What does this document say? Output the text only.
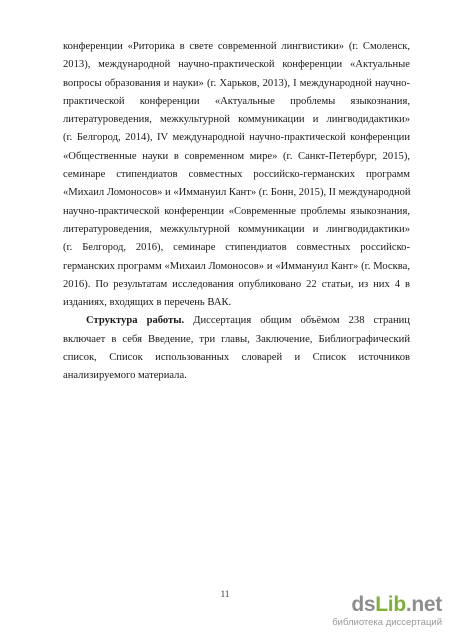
конференции «Риторика в свете современной лингвистики» (г. Смоленск,
2013), международной научно-практической конференции «Актуальные
вопросы образования и науки» (г. Харьков, 2013), I международной научно-
практической конференции «Актуальные проблемы языкознания,
литературоведения, межкультурной коммуникации и лингводидактики»
(г. Белгород, 2014), IV международной научно-практической конференции
«Общественные науки в современном мире» (г. Санкт-Петербург, 2015),
семинаре стипендиатов совместных российско-германских программ
«Михаил Ломоносов» и «Иммануил Кант» (г. Бонн, 2015), II международной
научно-практической конференции «Современные проблемы языкознания,
литературоведения, межкультурной коммуникации и лингводидактики»
(г. Белгород, 2016), семинаре стипендиатов совместных российско-
германских программ «Михаил Ломоносов» и «Иммануил Кант» (г. Москва,
2016). По результатам исследования опубликовано 22 статьи, из них 4 в
изданиях, входящих в перечень ВАК.
Структура работы. Диссертация общим объёмом 238 страниц
включает в себя Введение, три главы, Заключение, Библиографический
список, Список использованных словарей и Список источников
анализируемого материала.
11	dsLib.net
библиотека диссертаций
